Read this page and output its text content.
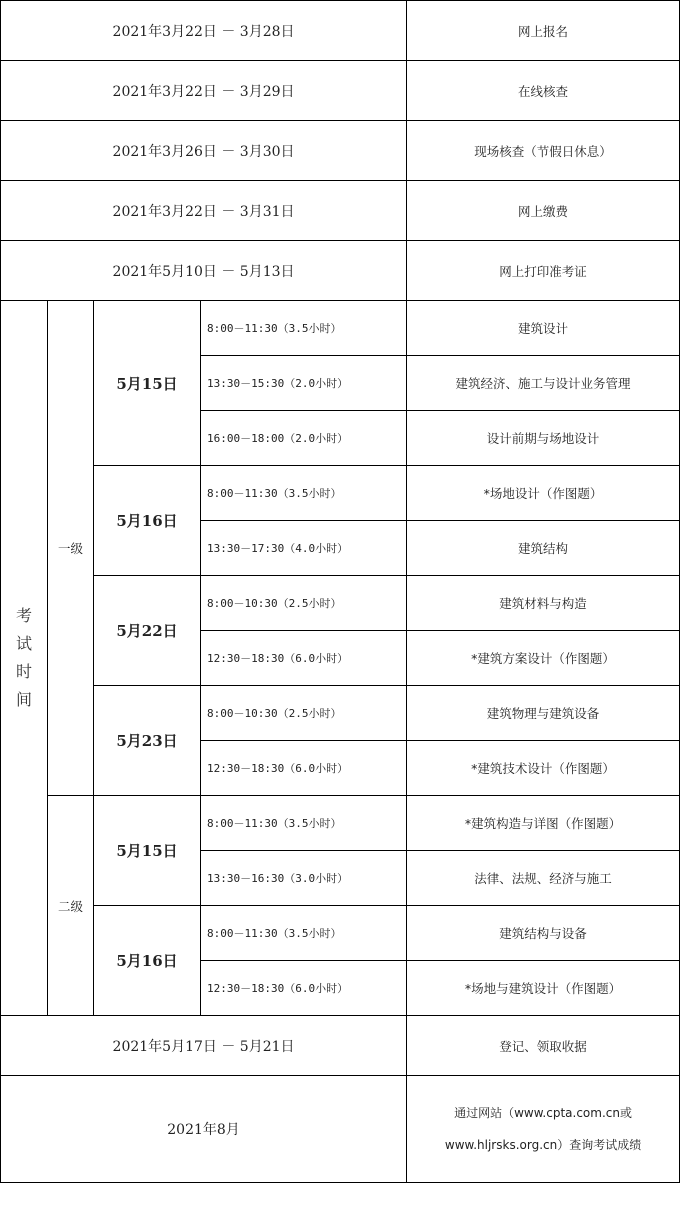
2021年3月22日 － 3月28日				网上报名
2021年3月22日 － 3月29日				在线核查
2021年3月26日 － 3月30日				现场核查（节假日休息）
2021年3月22日 － 3月31日				网上缴费
2021年5月10日 － 5月13日				网上打印准考证

考
试
时
间	一级	5月15日	8:00－11:30（3.5小时）	建筑设计
			13:30－15:30（2.0小时）	建筑经济、施工与设计业务管理
			16:00－18:00（2.0小时）	设计前期与场地设计
		5月16日	8:00－11:30（3.5小时）	*场地设计（作图题）
			13:30－17:30（4.0小时）	建筑结构
		5月22日	8:00－10:30（2.5小时）	建筑材料与构造
			12:30－18:30（6.0小时）	*建筑方案设计（作图题）
		5月23日	8:00－10:30（2.5小时）	建筑物理与建筑设备
			12:30－18:30（6.0小时）	*建筑技术设计（作图题）
	二级	5月15日	8:00－11:30（3.5小时）	*建筑构造与详图（作图题）
			13:30－16:30（3.0小时）	法律、法规、经济与施工
		5月16日	8:00－11:30（3.5小时）	建筑结构与设备
			12:30－18:30（6.0小时）	*场地与建筑设计（作图题）
2021年5月17日 － 5月21日				登记、领取收据
2021年8月				通过网站（www.cpta.com.cn或
www.hljrsks.org.cn）查询考试成绩
